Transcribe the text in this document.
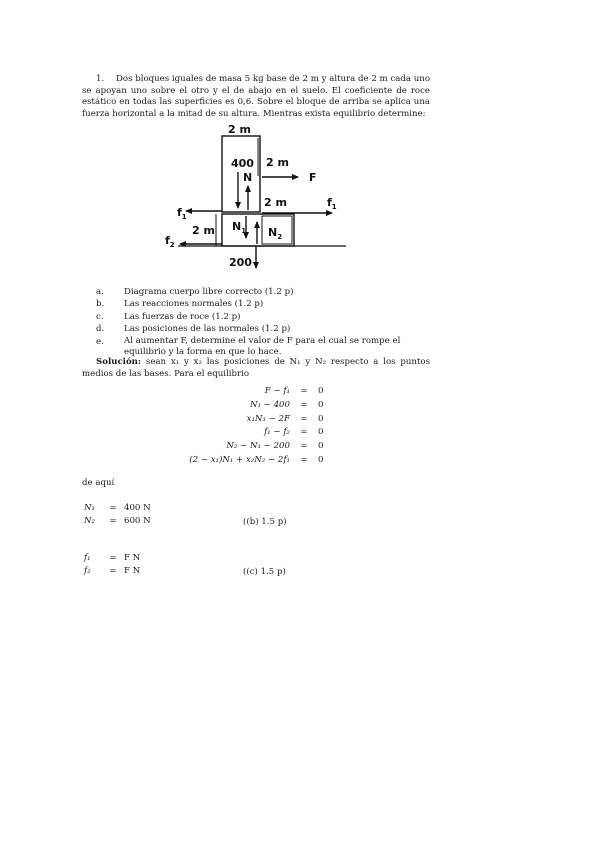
1. Dos bloques iguales de masa 5 kg base de 2 m y altura de 2 m cada uno se apoyan uno sobre el otro y el de abajo en el suelo. El coeficiente de roce estático en todas las superficies es 0,6. Sobre el bloque de arriba se aplica una fuerza horizontal a la mitad de su altura. Mientras exista equilibrio determine:
2 m
2 m
400
N	F
2 m
$f_1$
$f_1$
2 m
$f_2$
$N_1$ $N_2$
200
a.	Diagrama cuerpo libre correcto (1.2 p)
b.	Las reacciones normales (1.2 p)
c.	Las fuerzas de roce (1.2 p)
d.	Las posiciones de las normales (1.2 p)
e.	Al aumentar F, determine el valor de F para el cual se rompe el equilibrio y la forma en que lo hace.
Solución: sean x₁ y x₂ las posiciones de N₁ y N₂ respecto a los puntos medios de las bases. Para el equilibrio
F − f₁	=	0
N₁ − 400	=	0
x₁N₁ − 2F	=	0
f₁ − f₂	=	0
N₂ − N₁ − 200	=	0
(2 − x₁)N₁ + x₂N₂ − 2f₁	=	0
de aquí
N₁	= 400 N
N₂	= 600 N	((b) 1.5 p)
f₁	= F N
f₂	= F N	((c) 1.5 p)
